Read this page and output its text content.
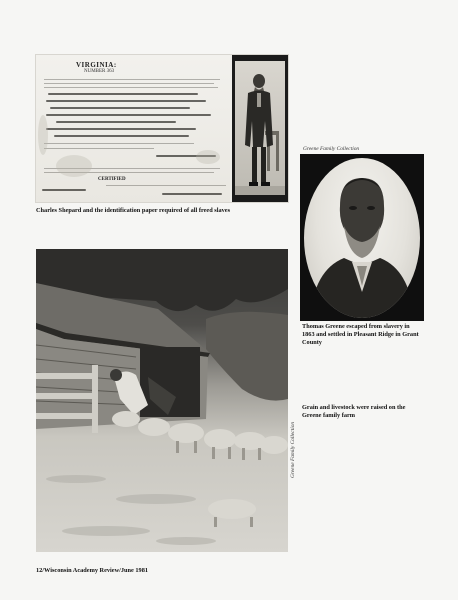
VIRGINIA:
NUMBER 363
CERTIFIED
Charles Shepard and the identification paper required of all freed slaves
Greene Family Collection
Thomas Greene escaped from slavery in 1863 and settled in Pleasant Ridge in Grant County
Grain and livestock were raised on the Greene family farm
Greene Family Collection
12/Wisconsin Academy Review/June 1981
